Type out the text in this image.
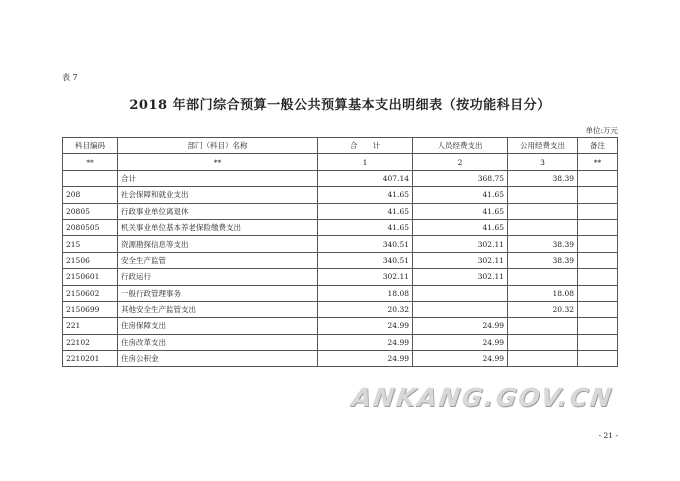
表 7
2018 年部门综合预算一般公共预算基本支出明细表（按功能科目分）
单位:万元
科目编码	部门（科目）名称	合　　计	人员经费支出	公用经费支出	备注
**	**	1	2	3	**
	合计	407.14	368.75	38.39	
208	社会保障和就业支出	41.65	41.65		
20805	行政事业单位离退休	41.65	41.65		
2080505	机关事业单位基本养老保险缴费支出	41.65	41.65		
215	资源勘探信息等支出	340.51	302.11	38.39	
21506	安全生产监管	340.51	302.11	38.39	
2150601	行政运行	302.11	302.11		
2150602	一般行政管理事务	18.08		18.08	
2150699	其他安全生产监管支出	20.32		20.32	
221	住房保障支出	24.99	24.99		
22102	住房改革支出	24.99	24.99		
2210201	住房公积金	24.99	24.99		
ANKANG.GOV.CN
- 21 -
